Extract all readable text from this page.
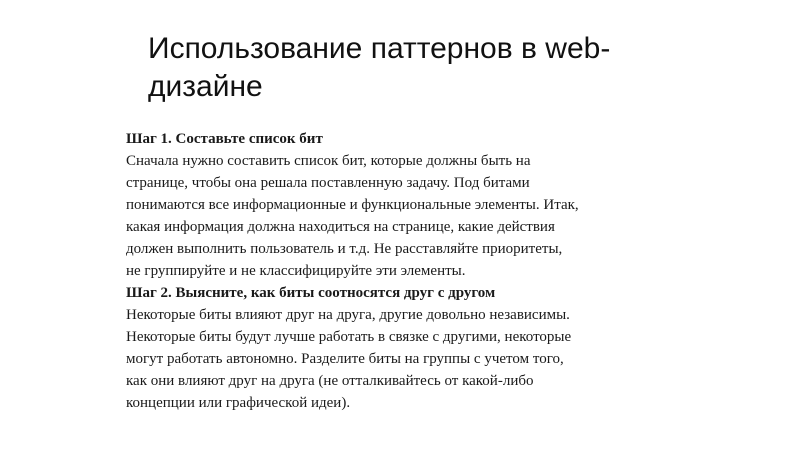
Использование паттернов в web-
дизайне
Шаг 1. Составьте список бит
Сначала нужно составить список бит, которые должны быть на
странице, чтобы она решала поставленную задачу. Под битами
понимаются все информационные и функциональные элементы. Итак,
какая информация должна находиться на странице, какие действия
должен выполнить пользователь и т.д. Не расставляйте приоритеты,
не группируйте и не классифицируйте эти элементы.
Шаг 2. Выясните, как биты соотносятся друг с другом
Некоторые биты влияют друг на друга, другие довольно независимы.
Некоторые биты будут лучше работать в связке с другими, некоторые
могут работать автономно. Разделите биты на группы с учетом того,
как они влияют друг на друга (не отталкивайтесь от какой-либо
концепции или графической идеи).
